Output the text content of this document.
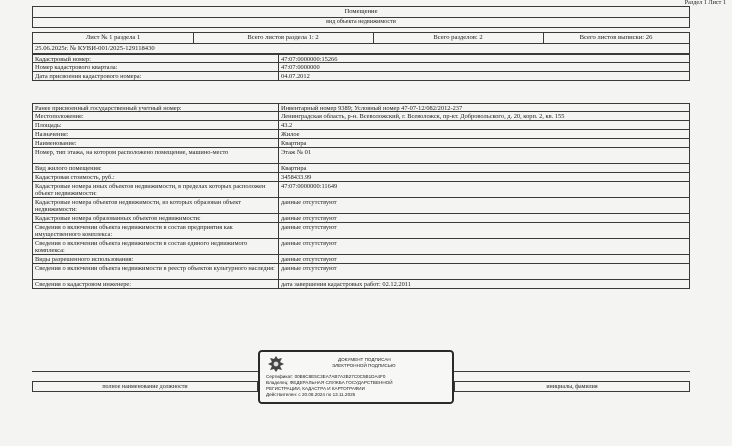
Раздел 1 Лист 1
Помещение
вид объекта недвижимости
Лист № 1 раздела 1	Всего листов раздела 1: 2	Всего разделов: 2	Всего листов выписки: 26
25.06.2025г. № КУВИ-001/2025-129118430
Кадастровый номер:	47:07:0000000:15266
Номер кадастрового квартала:	47:07:0000000
Дата присвоения кадастрового номера:	04.07.2012
Ранее присвоенный государственный учетный номер:	Инвентарный номер 9389; Условный номер 47-07-12/082/2012-237
Местоположение:	Ленинградская область, р-н. Всеволожский, г. Всеволожск, пр-кт. Добровольского, д. 20, корп. 2, кв. 155
Площадь:	43.2
Назначение:	Жилое
Наименование:	Квартира
Номер, тип этажа, на котором расположено помещение, машино-место	Этаж № 01
Вид жилого помещения:	Квартира
Кадастровая стоимость, руб.:	3458433.99
Кадастровые номера иных объектов недвижимости, в пределах которых расположен объект недвижимости:
47:07:0000000:11649
Кадастровые номера объектов недвижимости, из которых образован объект недвижимости:
данные отсутствуют
Кадастровые номера образованных объектов недвижимости:	данные отсутствуют
Сведения о включении объекта недвижимости в состав предприятия как имущественного комплекса:
данные отсутствуют
Сведения о включении объекта недвижимости в состав единого недвижимого комплекса:
данные отсутствуют
Виды разрешенного использования:	данные отсутствуют
Сведения о включении объекта недвижимости в реестр объектов культурного наследия: данные отсутствуют
Сведения о кадастровом инженере:	дата завершения кадастровых работ: 02.12.2011
полное наименование должности	инициалы, фамилия
ДОКУМЕНТ ПОДПИСАН
ЭЛЕКТРОННОЙ ПОДПИСЬЮ
Сертификат: 00B6C8E5C3EA7AB7A2B27C0C5B1DA4F0
Владелец: ФЕДЕРАЛЬНАЯ СЛУЖБА ГОСУДАРСТВЕННОЙ
РЕГИСТРАЦИИ, КАДАСТРА И КАРТОГРАФИИ
Действителен: с 20.08.2024 по 13.11.2025
